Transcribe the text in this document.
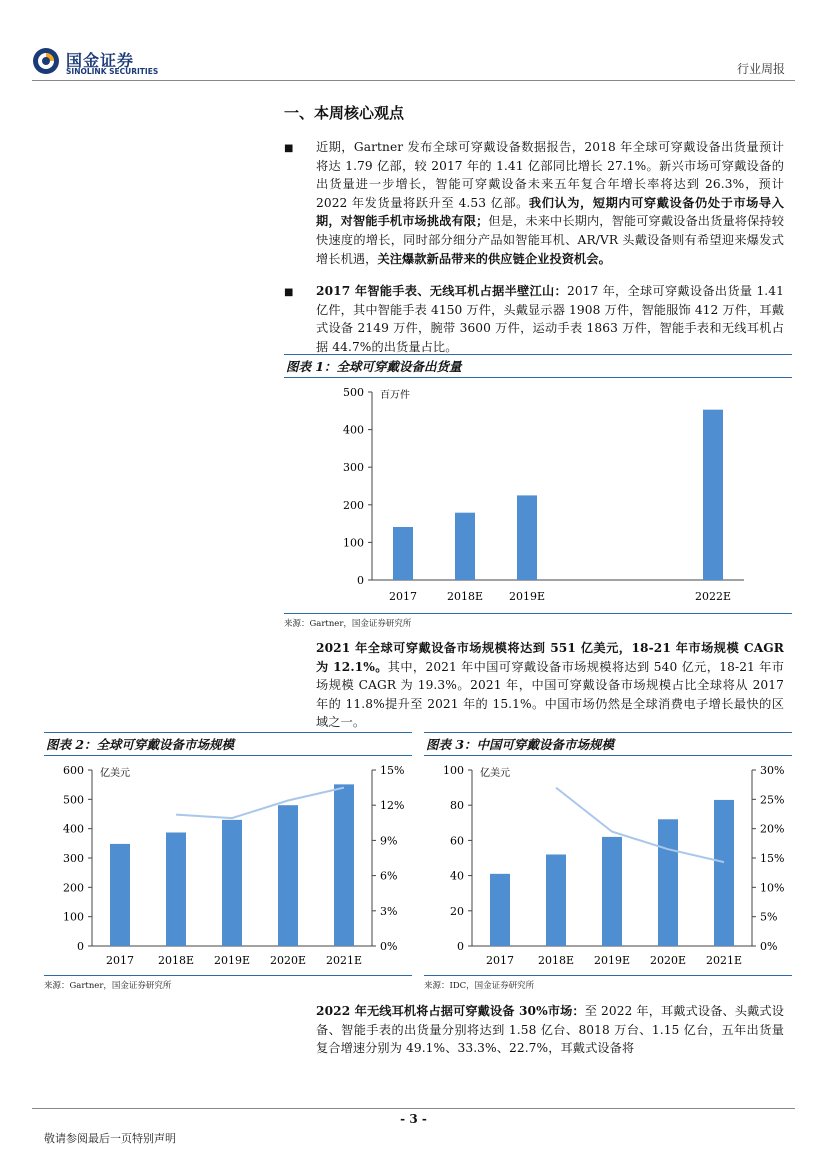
国金证券
SINOLINK SECURITIES	行业周报
一、本周核心观点
■ 近期，Gartner 发布全球可穿戴设备数据报告，2018 年全球可穿戴设备出货量预计将达 1.79 亿部，较 2017 年的 1.41 亿部同比增长 27.1%。新兴市场可穿戴设备的出货量进一步增长，智能可穿戴设备未来五年复合年增长率将达到 26.3%，预计 2022 年发货量将跃升至 4.53 亿部。我们认为，短期内可穿戴设备仍处于市场导入期，对智能手机市场挑战有限；但是，未来中长期内，智能可穿戴设备出货量将保持较快速度的增长，同时部分细分产品如智能耳机、AR/VR 头戴设备则有希望迎来爆发式增长机遇，关注爆款新品带来的供应链企业投资机会。
■ 2017 年智能手表、无线耳机占据半壁江山：2017 年，全球可穿戴设备出货量 1.41 亿件，其中智能手表 4150 万件，头戴显示器 1908 万件，智能服饰 412 万件，耳戴式设备 2149 万件，腕带 3600 万件，运动手表 1863 万件，智能手表和无线耳机占据 44.7%的出货量占比。
图表 1：全球可穿戴设备出货量
0
100
200
300
400
500 百万件
2017	2018E 2019E	2022E
来源：Gartner，国金证券研究所
2021 年全球可穿戴设备市场规模将达到 551 亿美元，18-21 年市场规模 CAGR 为 12.1%。其中，2021 年中国可穿戴设备市场规模将达到 540 亿元，18-21 年市场规模 CAGR 为 19.3%。2021 年，中国可穿戴设备市场规模占比全球将从 2017 年的 11.8%提升至 2021 年的 15.1%。中国市场仍然是全球消费电子增长最快的区域之一。
图表 2：全球可穿戴设备市场规模
0
100
200
300
400
500
600
0%
3%
6%
9%
12%
15%
亿美元
2017 2018E 2019E 2020E 2021E
来源：Gartner，国金证券研究所
图表 3：中国可穿戴设备市场规模
0
20
40
60
80
100
0%
5%
10%
15%
20%
25%
30%
亿美元
2017 2018E 2019E 2020E 2021E
来源：IDC，国金证券研究所
2022 年无线耳机将占据可穿戴设备 30%市场：至 2022 年，耳戴式设备、头戴式设备、智能手表的出货量分别将达到 1.58 亿台、8018 万台、1.15 亿台，五年出货量复合增速分别为 49.1%、33.3%、22.7%，耳戴式设备将
- 3 -
敬请参阅最后一页特别声明
